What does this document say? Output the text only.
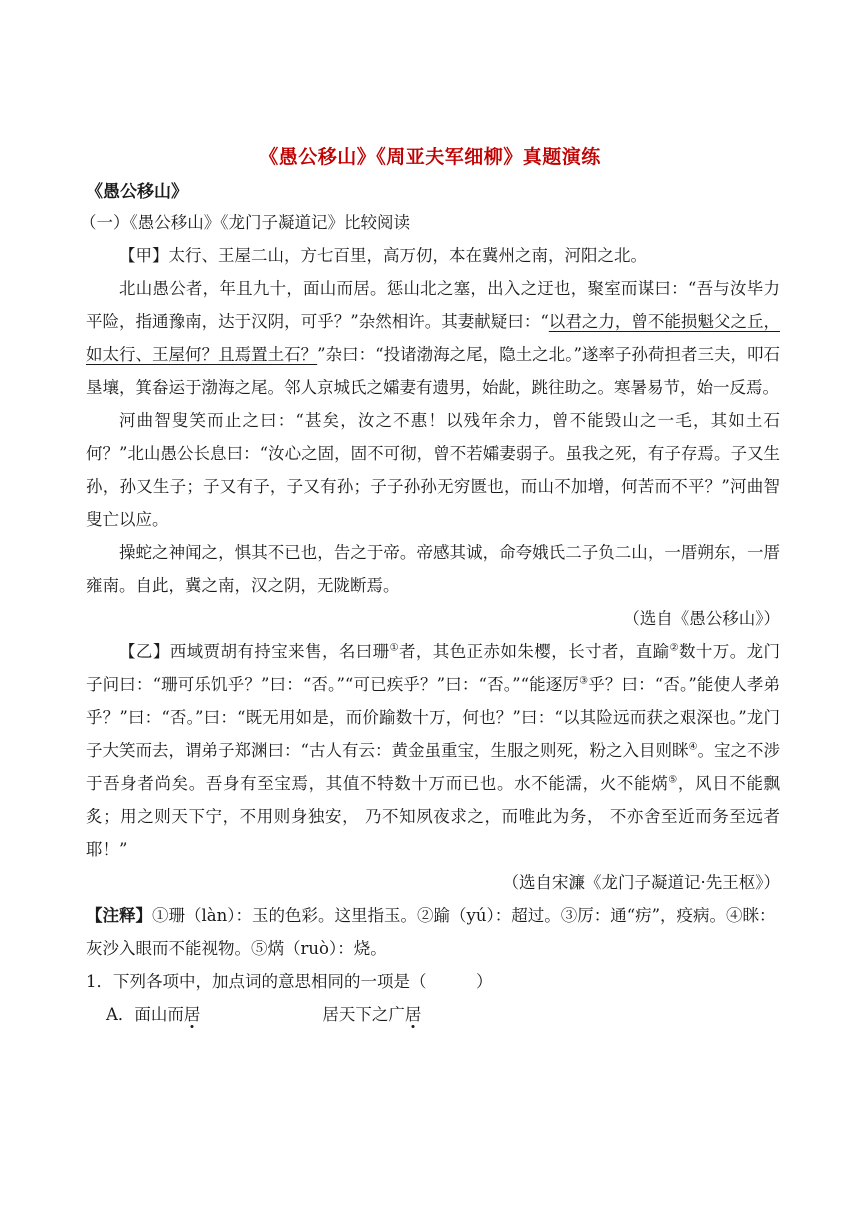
《愚公移山》《周亚夫军细柳》真题演练
《愚公移山》

（一）《愚公移山》《龙门子凝道记》比较阅读

【甲】太行、王屋二山，方七百里，高万仞，本在冀州之南，河阳之北。

北山愚公者，年且九十，面山而居。惩山北之塞，出入之迂也，聚室而谋曰：“吾与汝毕力平险，指通豫南，达于汉阴，可乎？”杂然相许。其妻献疑曰：“以君之力，曾不能损魁父之丘，如太行、王屋何？且焉置土石？”杂曰：“投诸渤海之尾，隐土之北。”遂率子孙荷担者三夫，叩石垦壤，箕畚运于渤海之尾。邻人京城氏之孀妻有遗男，始龀，跳往助之。寒暑易节，始一反焉。

河曲智叟笑而止之曰：“甚矣，汝之不惠！以残年余力，曾不能毁山之一毛，其如土石何？”北山愚公长息曰：“汝心之固，固不可彻，曾不若孀妻弱子。虽我之死，有子存焉。子又生孙，孙又生子；子又有子，子又有孙；子子孙孙无穷匮也，而山不加增，何苦而不平？”河曲智叟亡以应。

操蛇之神闻之，惧其不已也，告之于帝。帝感其诚，命夸娥氏二子负二山，一厝朔东，一厝雍南。自此，冀之南，汉之阴，无陇断焉。

（选自《愚公移山》）

【乙】西域贾胡有持宝来售，名曰珊①者，其色正赤如朱樱，长寸者，直踰②数十万。龙门子问曰：“珊可乐饥乎？”曰：“否。”“可已疾乎？”曰：“否。”“能逐厉③乎？曰：“否。”能使人孝弟乎？”曰：“否。”曰：“既无用如是，而价踰数十万，何也？”曰：“以其险远而获之艰深也。”龙门子大笑而去，谓弟子郑渊曰：“古人有云：黄金虽重宝，生服之则死，粉之入目则眯④。宝之不涉于吾身者尚矣。吾身有至宝焉，其值不特数十万而已也。水不能濡，火不能焫⑤，风日不能飘炙；用之则天下宁，不用则身独安， 乃不知夙夜求之，而唯此为务， 不亦舍至近而务至远者耶！”

（选自宋濂《龙门子凝道记·先王枢》）

【注释】①珊（làn）：玉的色彩。这里指玉。②踰（yú）：超过。③厉：通“疠”，疫病。④眯：灰沙入眼而不能视物。⑤焫（ruò）：烧。

1．下列各项中，加点词的意思相同的一项是（　　　）

A．面山而居	居天下之广居
